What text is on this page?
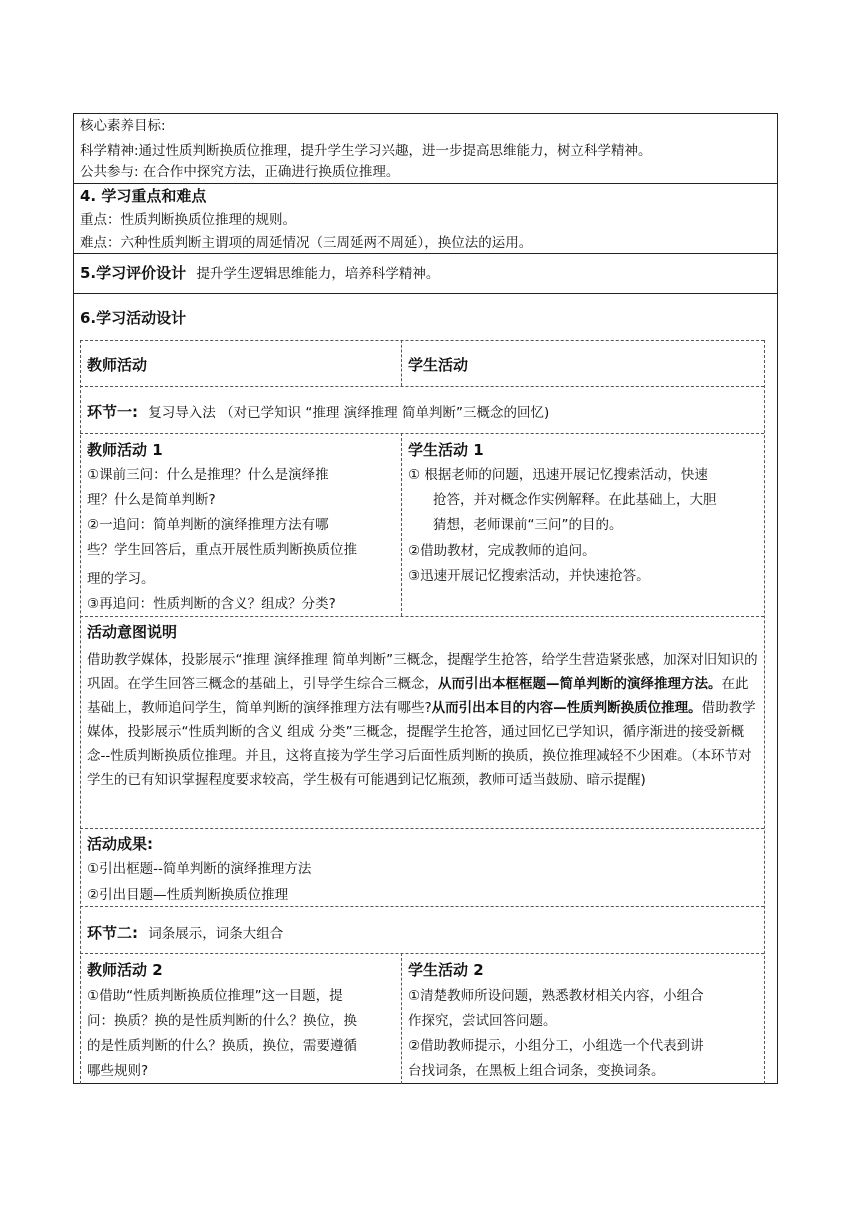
核心素养目标:
科学精神:通过性质判断换质位推理，提升学生学习兴趣，进一步提高思维能力，树立科学精神。
公共参与: 在合作中探究方法，正确进行换质位推理。
4. 学习重点和难点
重点：性质判断换质位推理的规则。
难点：六种性质判断主谓项的周延情况（三周延两不周延），换位法的运用。
5.学习评价设计 提升学生逻辑思维能力，培养科学精神。
6.学习活动设计
教师活动	学生活动
环节一: 复习导入法 （对已学知识 “推理 演绎推理 简单判断”三概念的回忆)
教师活动 1
①课前三问：什么是推理？什么是演绎推
理？什么是简单判断?
②一追问：简单判断的演绎推理方法有哪
些？学生回答后，重点开展性质判断换质位推
理的学习。
③再追问：性质判断的含义？组成？分类?
学生活动 1
① 根据老师的问题，迅速开展记忆搜索活动，快速
抢答，并对概念作实例解释。在此基础上，大胆
猜想，老师课前“三问”的目的。
②借助教材，完成教师的追问。
③迅速开展记忆搜索活动，并快速抢答。
活动意图说明
借助教学媒体，投影展示“推理 演绎推理 简单判断”三概念，提醒学生抢答，给学生营造紧张感，加深对旧知识的巩固。在学生回答三概念的基础上，引导学生综合三概念，从而引出本框框题—简单判断的演绎推理方法。在此基础上，教师追问学生，简单判断的演绎推理方法有哪些?从而引出本目的内容—性质判断换质位推理。借助教学媒体，投影展示“性质判断的含义 组成 分类”三概念，提醒学生抢答，通过回忆已学知识，循序渐进的接受新概念--性质判断换质位推理。并且，这将直接为学生学习后面性质判断的换质，换位推理减轻不少困难。（本环节对学生的已有知识掌握程度要求较高，学生极有可能遇到记忆瓶颈，教师可适当鼓励、暗示提醒)
活动成果:
①引出框题--简单判断的演绎推理方法
②引出目题—性质判断换质位推理
环节二: 词条展示，词条大组合
教师活动 2
①借助“性质判断换质位推理”这一目题，提
问：换质？换的是性质判断的什么？换位，换
的是性质判断的什么？换质，换位，需要遵循
哪些规则?
学生活动 2
①清楚教师所设问题，熟悉教材相关内容，小组合
作探究，尝试回答问题。
②借助教师提示，小组分工，小组选一个代表到讲
台找词条，在黑板上组合词条，变换词条。
